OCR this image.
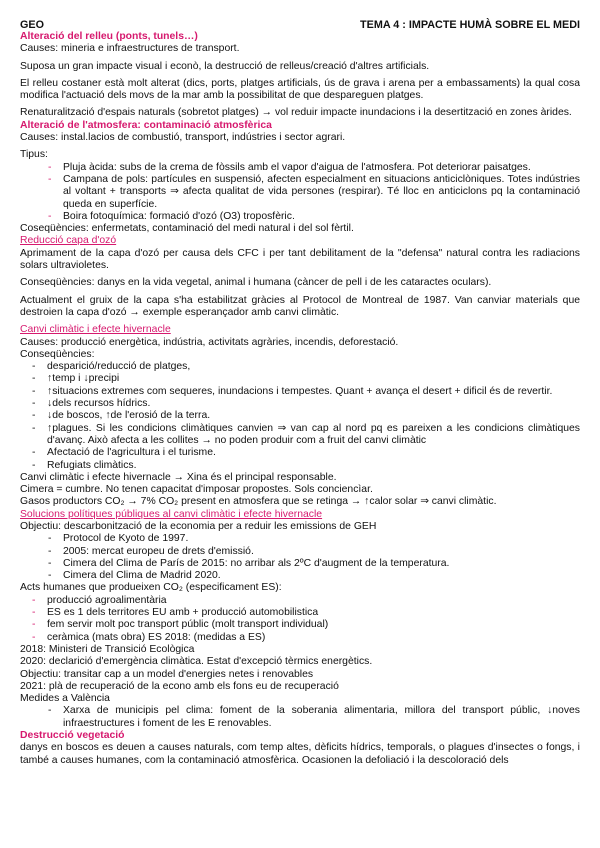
GEO	TEMA 4 : IMPACTE HUMÀ SOBRE EL MEDI
Alteració del relleu (ponts, tunels…)

Causes: mineria e infraestructures de transport.

Suposa un gran impacte visual i econò, la destrucció de relleus/creació d'altres artificials.

El relleu costaner està molt alterat (dics, ports, platges artificials, ús de grava i arena per a embassaments) la qual cosa modifica l'actuació dels movs de la mar amb la possibilitat de que despareguen platges.

Renaturalització d'espais naturals (sobretot platges) → vol reduir impacte inundacions i la desertització en zones àrides.

Alteració de l'atmosfera: contaminació atmosfèrica

Causes: instal.lacios de combustió, transport, indústries i sector agrari.

Tipus:

- Pluja àcida: subs de la crema de fòssils amb el vapor d'aigua de l'atmosfera. Pot deteriorar paisatges.
- Campana de pols: partícules en suspensió, afecten especialment en situacions anticiclòniques. Totes indústries al voltant + transports ⇒ afecta qualitat de vida persones (respirar). Té lloc en anticiclons pq la contaminació queda en superfície.
- Boira fotoquímica: formació d'ozó (O3) troposfèric.

Coseqüències: enfermetats, contaminació del medi natural i del sol fèrtil.

Reducció capa d'ozó

Aprimament de la capa d'ozó per causa dels CFC i per tant debilitament de la "defensa" natural contra les radiacions solars ultravioletes.

Conseqüències: danys en la vida vegetal, animal i humana (càncer de pell i de les cataractes oculars).

Actualment el gruix de la capa s'ha estabilitzat gràcies al Protocol de Montreal de 1987. Van canviar materials que destroien la capa d'ozó → exemple esperançador amb canvi climàtic.

Canvi climàtic i efecte hivernacle

Causes: producció energètica, indústria, activitats agràries, incendis, deforestació.

Conseqüències:

- desparició/reducció de platges,
- ↑temp i ↓precipi
- ↑situacions extremes com sequeres, inundacions i tempestes. Quant + avança el desert + dificil és de revertir.
- ↓dels recursos hídrics.
- ↓de boscos, ↑de l'erosió de la terra.
- ↑plagues. Si les condicions climàtiques canvien ⇒ van cap al nord pq es pareixen a les condicions climàtiques d'avanç. Això afecta a les collites → no poden produir com a fruit del canvi climàtic
- Afectació de l'agricultura i el turisme.
- Refugiats climàtics.

Canvi climàtic i efecte hivernacle → Xina és el principal responsable.

Cimera = cumbre. No tenen capacitat d'imposar propostes. Sols conciencìar.

Gasos productors CO₂ → 7% CO₂ present en atmosfera que se retinga → ↑calor solar ⇒ canvi climàtic.

Solucions polítiques públiques al canvi climàtic i efecte hivernacle

Objectiu: descarbonització de la economia per a reduir les emissions de GEH

- Protocol de Kyoto de 1997.
- 2005: mercat europeu de drets d'emissió.
- Cimera del Clima de París de 2015: no arribar als 2ºC d'augment de la temperatura.
- Cimera del Clima de Madrid 2020.

Acts humanes que produeixen CO₂ (especificament ES):

- producció agroalimentària
- ES es 1 dels territores EU amb + producció automobilistica
- fem servir molt poc transport públic (molt transport individual)
- ceràmica (mats obra) ES 2018: (medidas a ES)

2018: Ministeri de Transició Ecològica

2020: declarició d'emergència climàtica. Estat d'excepció tèrmics energètics.

Objectiu: transitar cap a un model d'energies netes i renovables

2021: plà de recuperació de la econo amb els fons eu de recuperació

Medides a València

- Xarxa de municipis pel clima: foment de la soberania alimentaria, millora del transport públic, ↓noves infraestructures i foment de les E renovables.
Destrucció vegetació

danys en boscos es deuen a causes naturals, com temp altes, dèficits hídrics, temporals, o plagues d'insectes o fongs, i també a causes humanes, com la contaminació atmosfèrica. Ocasionen la defoliació i la descoloració dels
